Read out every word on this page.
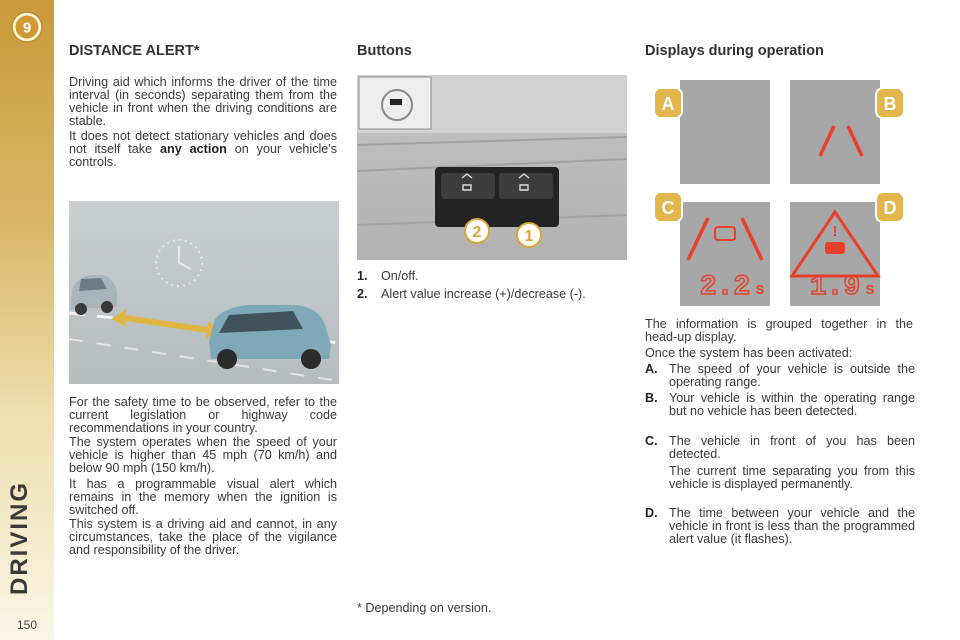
9
DRIVING
150
DISTANCE ALERT*

Driving aid which informs the driver of the time interval (in seconds) separating them from the vehicle in front when the driving conditions are stable.

It does not detect stationary vehicles and does not itself take any action on your vehicle's controls.

For the safety time to be observed, refer to the current legislation or highway code recommendations in your country.

The system operates when the speed of your vehicle is higher than 45 mph (70 km/h) and below 90 mph (150 km/h).

It has a programmable visual alert which remains in the memory when the ignition is switched off.

This system is a driving aid and cannot, in any circumstances, take the place of the vigilance and responsibility of the driver.

Buttons
2	1
1. On/off.
2. Alert value increase (+)/decrease (-).

* Depending on version.

Displays during operation
2.2 S
!
1.9 S
A	B
C	D

The information is grouped together in the head-up display.

Once the system has been activated:

A. The speed of your vehicle is outside the operating range.
B. Your vehicle is within the operating range but no vehicle has been detected.
C. The vehicle in front of you has been detected.
The current time separating you from this vehicle is displayed permanently.
D. The time between your vehicle and the vehicle in front is less than the programmed alert value (it flashes).
